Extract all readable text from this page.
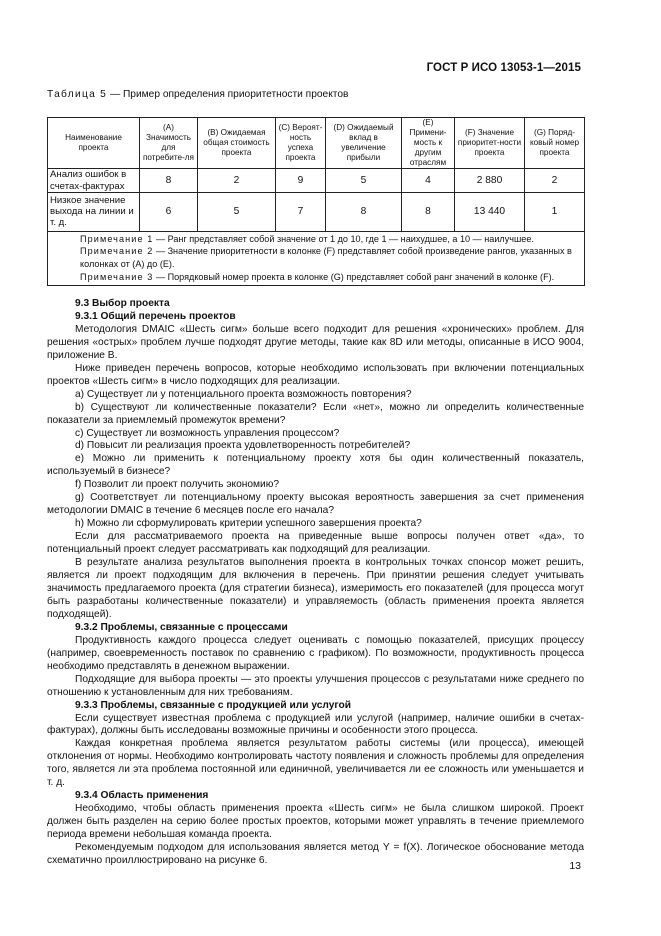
ГОСТ Р ИСО 13053-1—2015
Таблица 5 — Пример определения приоритетности проектов
Наименование проекта	(A) Значимость для потребите-ля	(B) Ожидаемая общая стоимость проекта	(C) Вероят-ность успеха проекта	(D) Ожидаемый вклад в увеличение прибыли	(E) Примени-мость к другим отраслям	(F) Значение приоритет-ности проекта	(G) Поряд-ковый номер проекта
Анализ ошибок в счетах-фактурах	8	2	9	5	4	2 880	2
Низкое значение выхода на линии и т. д.	6	5	7	8	8	13 440	1

Примечание 1 — Ранг представляет собой значение от 1 до 10, где 1 — наихудшее, а 10 — наилучшее.
Примечание 2 — Значение приоритетности в колонке (F) представляет собой произведение рангов, указанных в колонках от (A) до (E).
Примечание 3 — Порядковый номер проекта в колонке (G) представляет собой ранг значений в колонке (F).							

9.3 Выбор проекта

9.3.1 Общий перечень проектов

Методология DMAIC «Шесть сигм» больше всего подходит для решения «хронических» проблем. Для решения «острых» проблем лучше подходят другие методы, такие как 8D или методы, описанные в ИСО 9004, приложение В.

Ниже приведен перечень вопросов, которые необходимо использовать при включении потенциальных проектов «Шесть сигм» в число подходящих для реализации.

a) Существует ли у потенциального проекта возможность повторения?

b) Существуют ли количественные показатели? Если «нет», можно ли определить количественные показатели за приемлемый промежуток времени?

c) Существует ли возможность управления процессом?

d) Повысит ли реализация проекта удовлетворенность потребителей?

e) Можно ли применить к потенциальному проекту хотя бы один количественный показатель, используемый в бизнесе?

f) Позволит ли проект получить экономию?

g) Соответствует ли потенциальному проекту высокая вероятность завершения за счет применения методологии DMAIC в течение 6 месяцев после его начала?

h) Можно ли сформулировать критерии успешного завершения проекта?

Если для рассматриваемого проекта на приведенные выше вопросы получен ответ «да», то потенциальный проект следует рассматривать как подходящий для реализации.

В результате анализа результатов выполнения проекта в контрольных точках спонсор может решить, является ли проект подходящим для включения в перечень. При принятии решения следует учитывать значимость предлагаемого проекта (для стратегии бизнеса), измеримость его показателей (для процесса могут быть разработаны количественные показатели) и управляемость (область применения проекта является подходящей).

9.3.2 Проблемы, связанные с процессами

Продуктивность каждого процесса следует оценивать с помощью показателей, присущих процессу (например, своевременность поставок по сравнению с графиком). По возможности, продуктивность процесса необходимо представлять в денежном выражении.

Подходящие для выбора проекты — это проекты улучшения процессов с результатами ниже среднего по отношению к установленным для них требованиям.

9.3.3 Проблемы, связанные с продукцией или услугой

Если существует известная проблема с продукцией или услугой (например, наличие ошибки в счетах-фактурах), должны быть исследованы возможные причины и особенности этого процесса.

Каждая конкретная проблема является результатом работы системы (или процесса), имеющей отклонения от нормы. Необходимо контролировать частоту появления и сложность проблемы для определения того, является ли эта проблема постоянной или единичной, увеличивается ли ее сложность или уменьшается и т. д.

9.3.4 Область применения

Необходимо, чтобы область применения проекта «Шесть сигм» не была слишком широкой. Проект должен быть разделен на серию более простых проектов, которыми может управлять в течение приемлемого периода времени небольшая команда проекта.

Рекомендуемым подходом для использования является метод Y = f(X). Логическое обоснование метода схематично проиллюстрировано на рисунке 6.	13
